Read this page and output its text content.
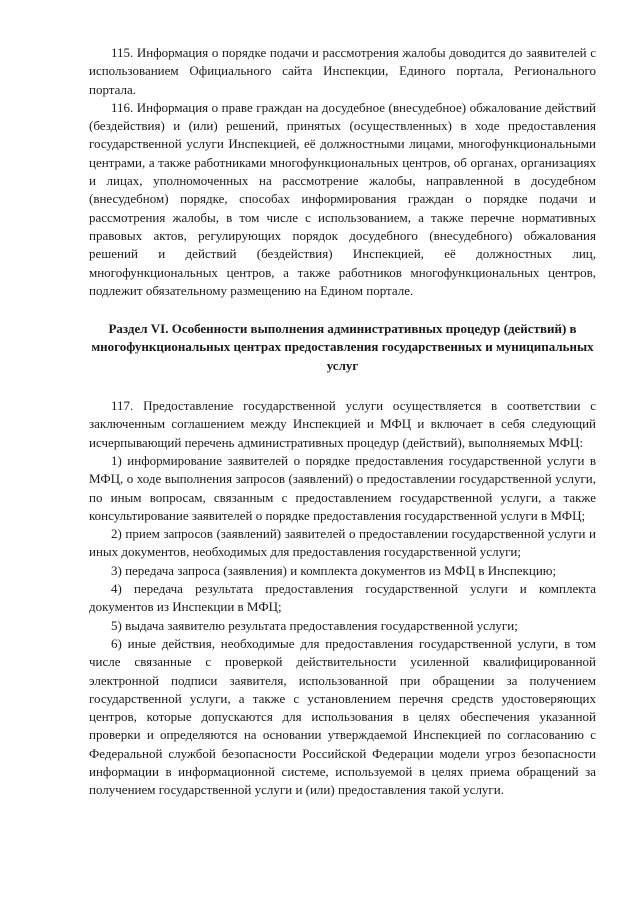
115. Информация о порядке подачи и рассмотрения жалобы доводится до заявителей с использованием Официального сайта Инспекции, Единого портала, Регионального портала.

116. Информация о праве граждан на досудебное (внесудебное) обжалование действий (бездействия) и (или) решений, принятых (осуществленных) в ходе предоставления государственной услуги Инспекцией, её должностными лицами, многофункциональными центрами, а также работниками многофункциональных центров, об органах, организациях и лицах, уполномоченных на рассмотрение жалобы, направленной в досудебном (внесудебном) порядке, способах информирования граждан о порядке подачи и рассмотрения жалобы, в том числе с использованием, а также перечне нормативных правовых актов, регулирующих порядок досудебного (внесудебного) обжалования решений и действий (бездействия) Инспекцией, её должностных лиц, многофункциональных центров, а также работников многофункциональных центров, подлежит обязательному размещению на Едином портале.

Раздел VI. Особенности выполнения административных процедур (действий) в многофункциональных центрах предоставления государственных и муниципальных услуг

117. Предоставление государственной услуги осуществляется в соответствии с заключенным соглашением между Инспекцией и МФЦ и включает в себя следующий исчерпывающий перечень административных процедур (действий), выполняемых МФЦ:

1) информирование заявителей о порядке предоставления государственной услуги в МФЦ, о ходе выполнения запросов (заявлений) о предоставлении государственной услуги, по иным вопросам, связанным с предоставлением государственной услуги, а также консультирование заявителей о порядке предоставления государственной услуги в МФЦ;

2) прием запросов (заявлений) заявителей о предоставлении государственной услуги и иных документов, необходимых для предоставления государственной услуги;

3) передача запроса (заявления) и комплекта документов из МФЦ в Инспекцию;

4) передача результата предоставления государственной услуги и комплекта документов из Инспекции в МФЦ;

5) выдача заявителю результата предоставления государственной услуги;

6) иные действия, необходимые для предоставления государственной услуги, в том числе связанные с проверкой действительности усиленной квалифицированной электронной подписи заявителя, использованной при обращении за получением государственной услуги, а также с установлением перечня средств удостоверяющих центров, которые допускаются для использования в целях обеспечения указанной проверки и определяются на основании утверждаемой Инспекцией по согласованию с Федеральной службой безопасности Российской Федерации модели угроз безопасности информации в информационной системе, используемой в целях приема обращений за получением государственной услуги и (или) предоставления такой услуги.
